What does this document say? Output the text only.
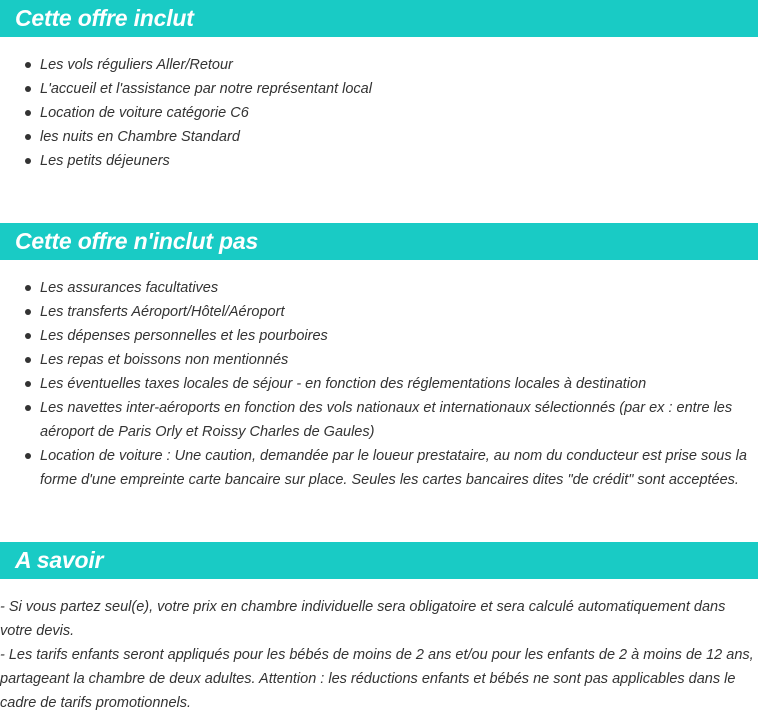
Cette offre inclut
Les vols réguliers Aller/Retour
L'accueil et l'assistance par notre représentant local
Location de voiture catégorie C6
les nuits en Chambre Standard
Les petits déjeuners
Cette offre n'inclut pas
Les assurances facultatives
Les transferts Aéroport/Hôtel/Aéroport
Les dépenses personnelles et les pourboires
Les repas et boissons non mentionnés
Les éventuelles taxes locales de séjour - en fonction des réglementations locales à destination
Les navettes inter-aéroports en fonction des vols nationaux et internationaux sélectionnés (par ex : entre les aéroport de Paris Orly et Roissy Charles de Gaules)
Location de voiture : Une caution, demandée par le loueur prestataire, au nom du conducteur est prise sous la forme d'une empreinte carte bancaire sur place. Seules les cartes bancaires dites "de crédit" sont acceptées.
A savoir

- Si vous partez seul(e), votre prix en chambre individuelle sera obligatoire et sera calculé automatiquement dans votre devis.

- Les tarifs enfants seront appliqués pour les bébés de moins de 2 ans et/ou pour les enfants de 2 à moins de 12 ans, partageant la chambre de deux adultes. Attention : les réductions enfants et bébés ne sont pas applicables dans le cadre de tarifs promotionnels.
